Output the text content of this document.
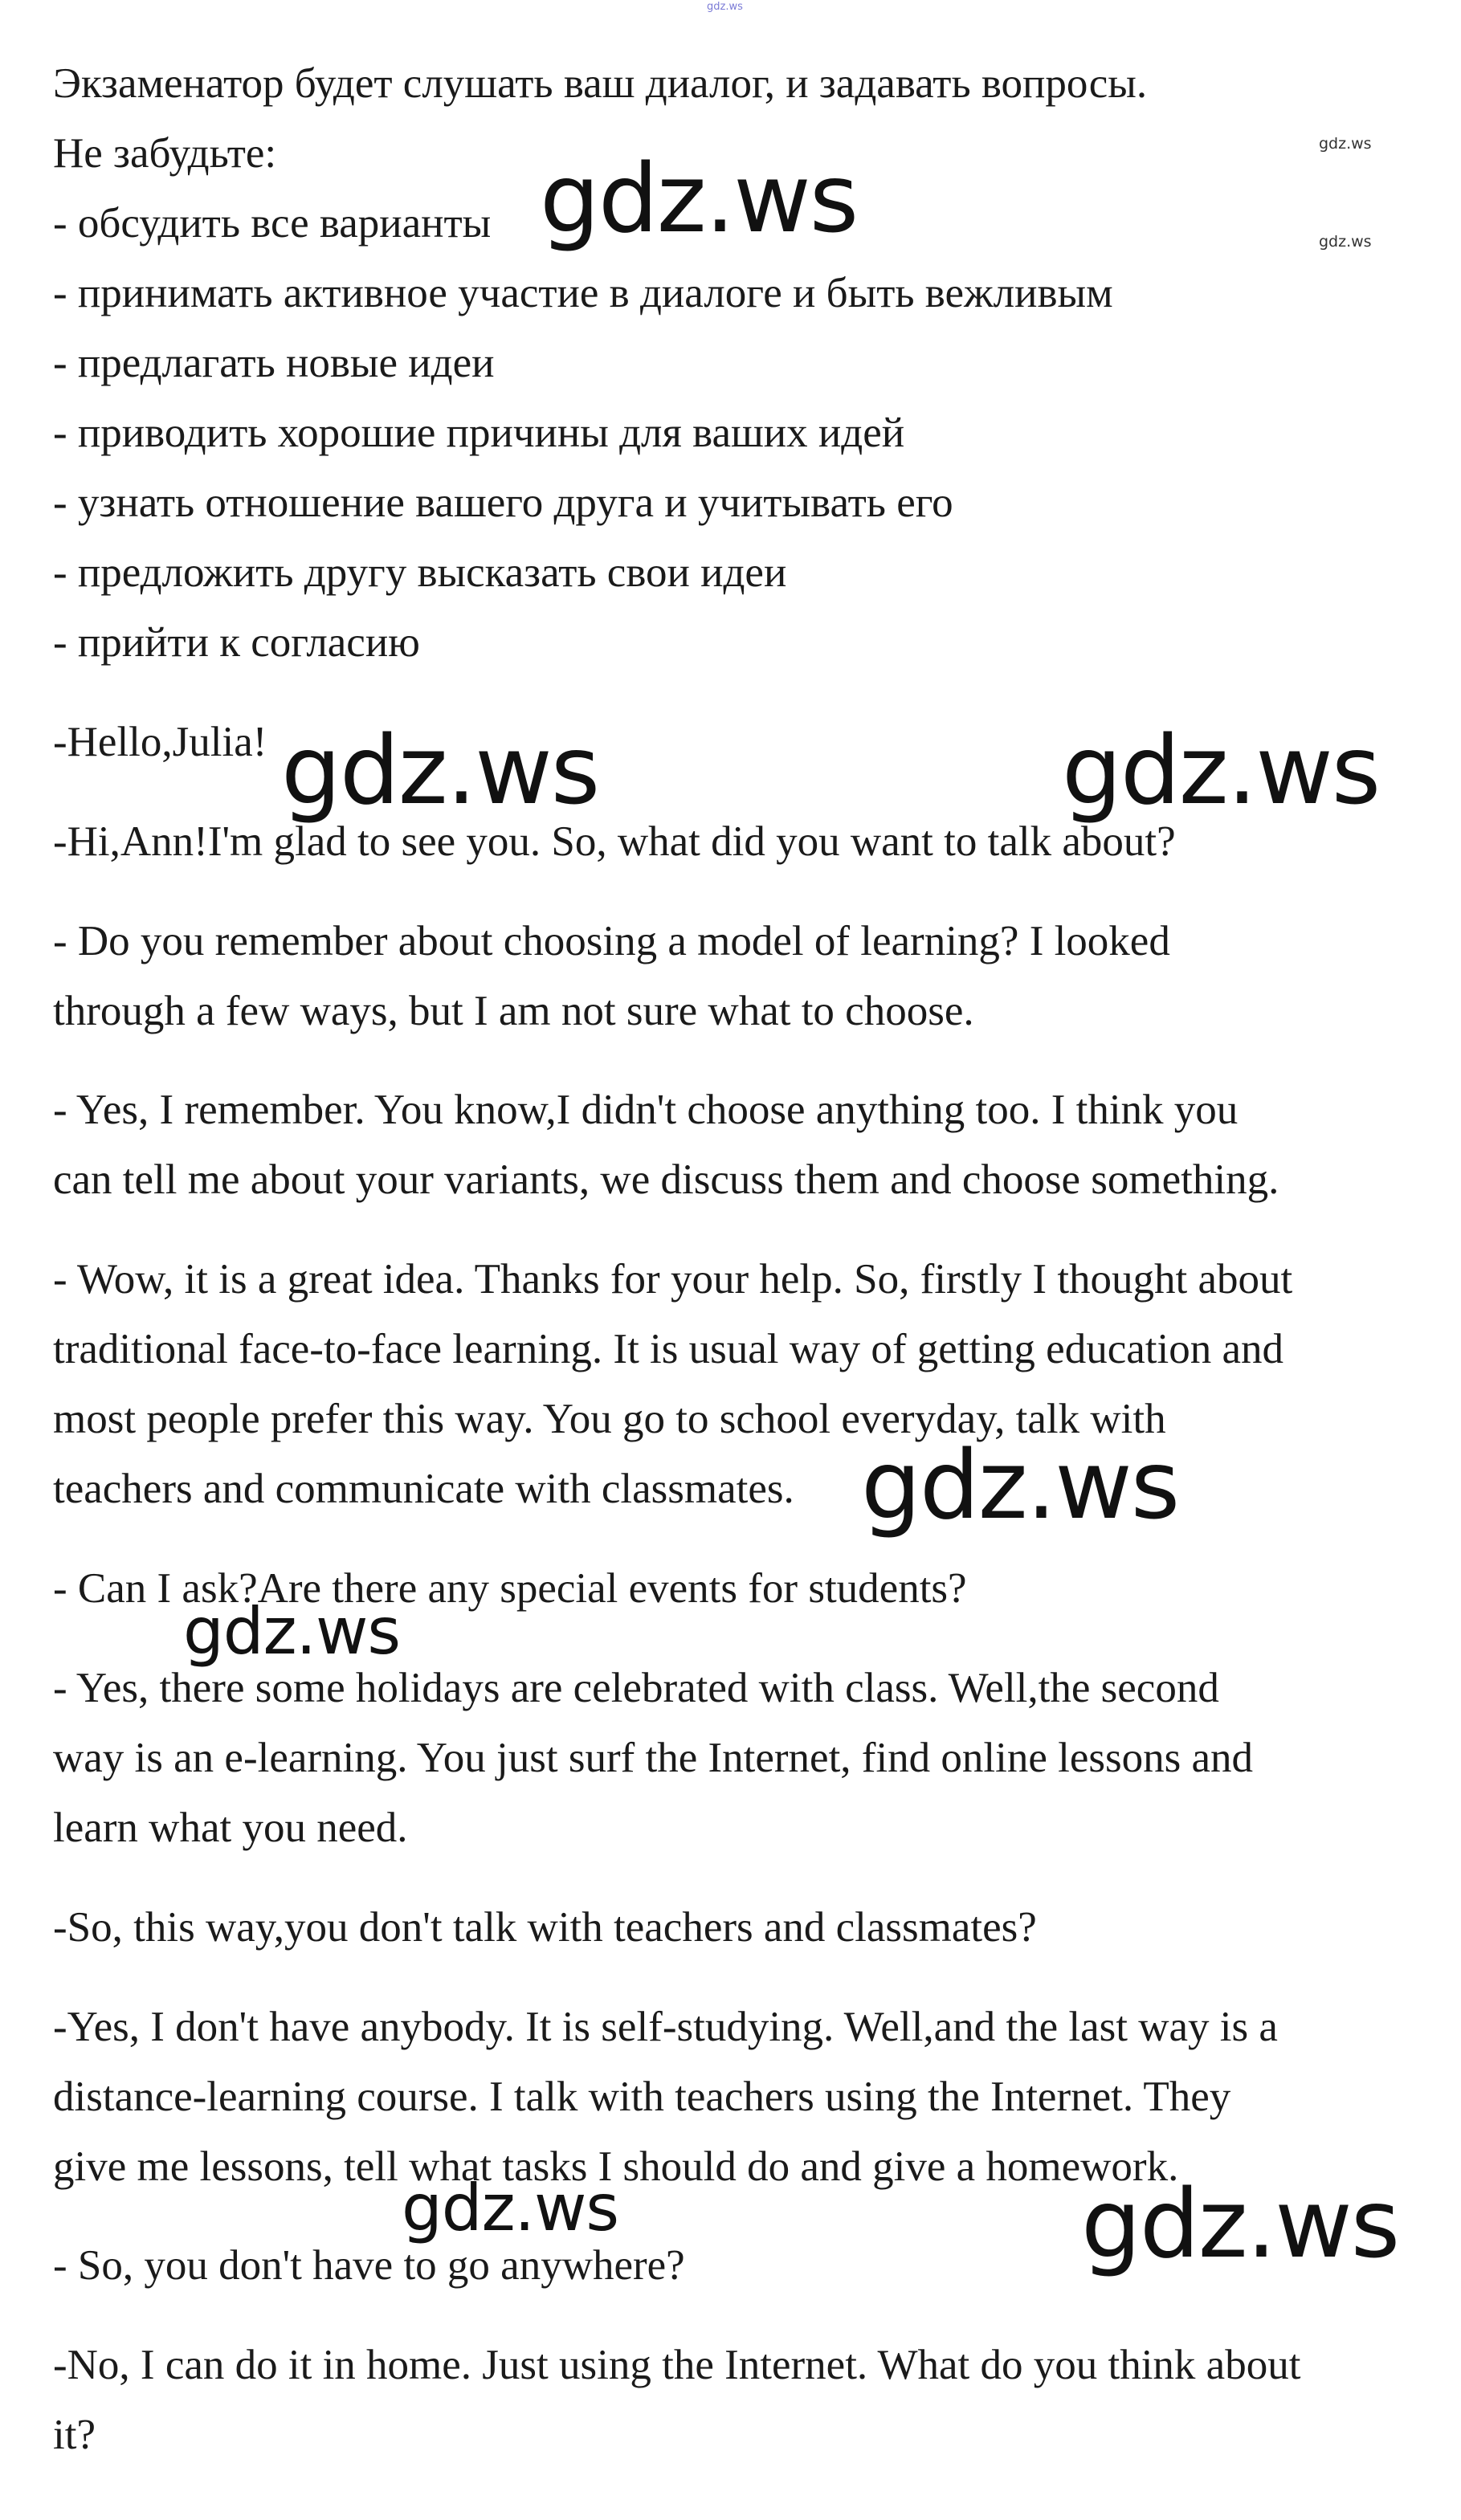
gdz.ws
Экзаменатор будет слушать ваш диалог, и задавать вопросы.
Не забудьте:
- обсудить все варианты
- принимать активное участие в диалоге и быть вежливым
- предлагать новые идеи
- приводить хорошие причины для ваших идей
- узнать отношение вашего друга и учитывать его
- предложить другу высказать свои идеи
- прийти к согласию
-Hello,Julia!
-Hi,Ann!I'm glad to see you. So, what did you want to talk about?
- Do you remember about choosing a model of learning? I looked
through a few ways, but I am not sure what to choose.
- Yes, I remember. You know,I didn't choose anything too. I think you
can tell me about your variants, we discuss them and choose something.
- Wow, it is a great idea. Thanks for your help. So, firstly I thought about
traditional face-to-face learning. It is usual way of getting education and
most people prefer this way. You go to school everyday, talk with
teachers and communicate with classmates.
- Can I ask?Are there any special events for students?
- Yes, there some holidays are celebrated with class. Well,the second
way is an e-learning. You just surf the Internet, find online lessons and
learn what you need.
-So, this way,you don't talk with teachers and classmates?
-Yes, I don't have anybody. It is self-studying. Well,and the last way is a
distance-learning course. I talk with teachers using the Internet. They
give me lessons, tell what tasks I should do and give a homework.
- So, you don't have to go anywhere?
-No, I can do it in home. Just using the Internet. What do you think about
it?
gdz.ws
gdz.ws
gdz.ws
gdz.ws	gdz.ws
gdz.ws
gdz.ws
gdz.ws	gdz.ws
